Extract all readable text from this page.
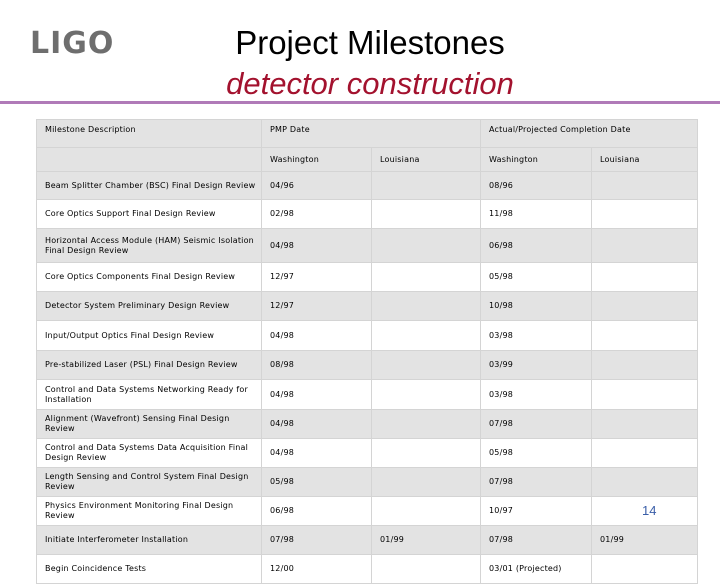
LIGO	Project Milestones
detector construction
Milestone Description	PMP Date		Actual/Projected Completion Date	
	Washington	Louisiana	Washington	Louisiana
Beam Splitter Chamber (BSC) Final Design Review	04/96		08/96	
Core Optics Support Final Design Review	02/98		11/98	
Horizontal Access Module (HAM) Seismic Isolation Final Design Review	04/98		06/98	
Core Optics Components Final Design Review	12/97		05/98	
Detector System Preliminary Design Review	12/97		10/98	
Input/Output Optics Final Design Review	04/98		03/98	
Pre-stabilized Laser (PSL) Final Design Review	08/98		03/99	
Control and Data Systems Networking Ready for Installation	04/98		03/98	
Alignment (Wavefront) Sensing Final Design Review	04/98		07/98	
Control and Data Systems Data Acquisition Final Design Review	04/98		05/98	
Length Sensing and Control System Final Design Review	05/98		07/98	
Physics Environment Monitoring Final Design Review	06/98		10/97	
Initiate Interferometer Installation	07/98	01/99	07/98	01/99
Begin Coincidence Tests	12/00		03/01 (Projected)	
14
